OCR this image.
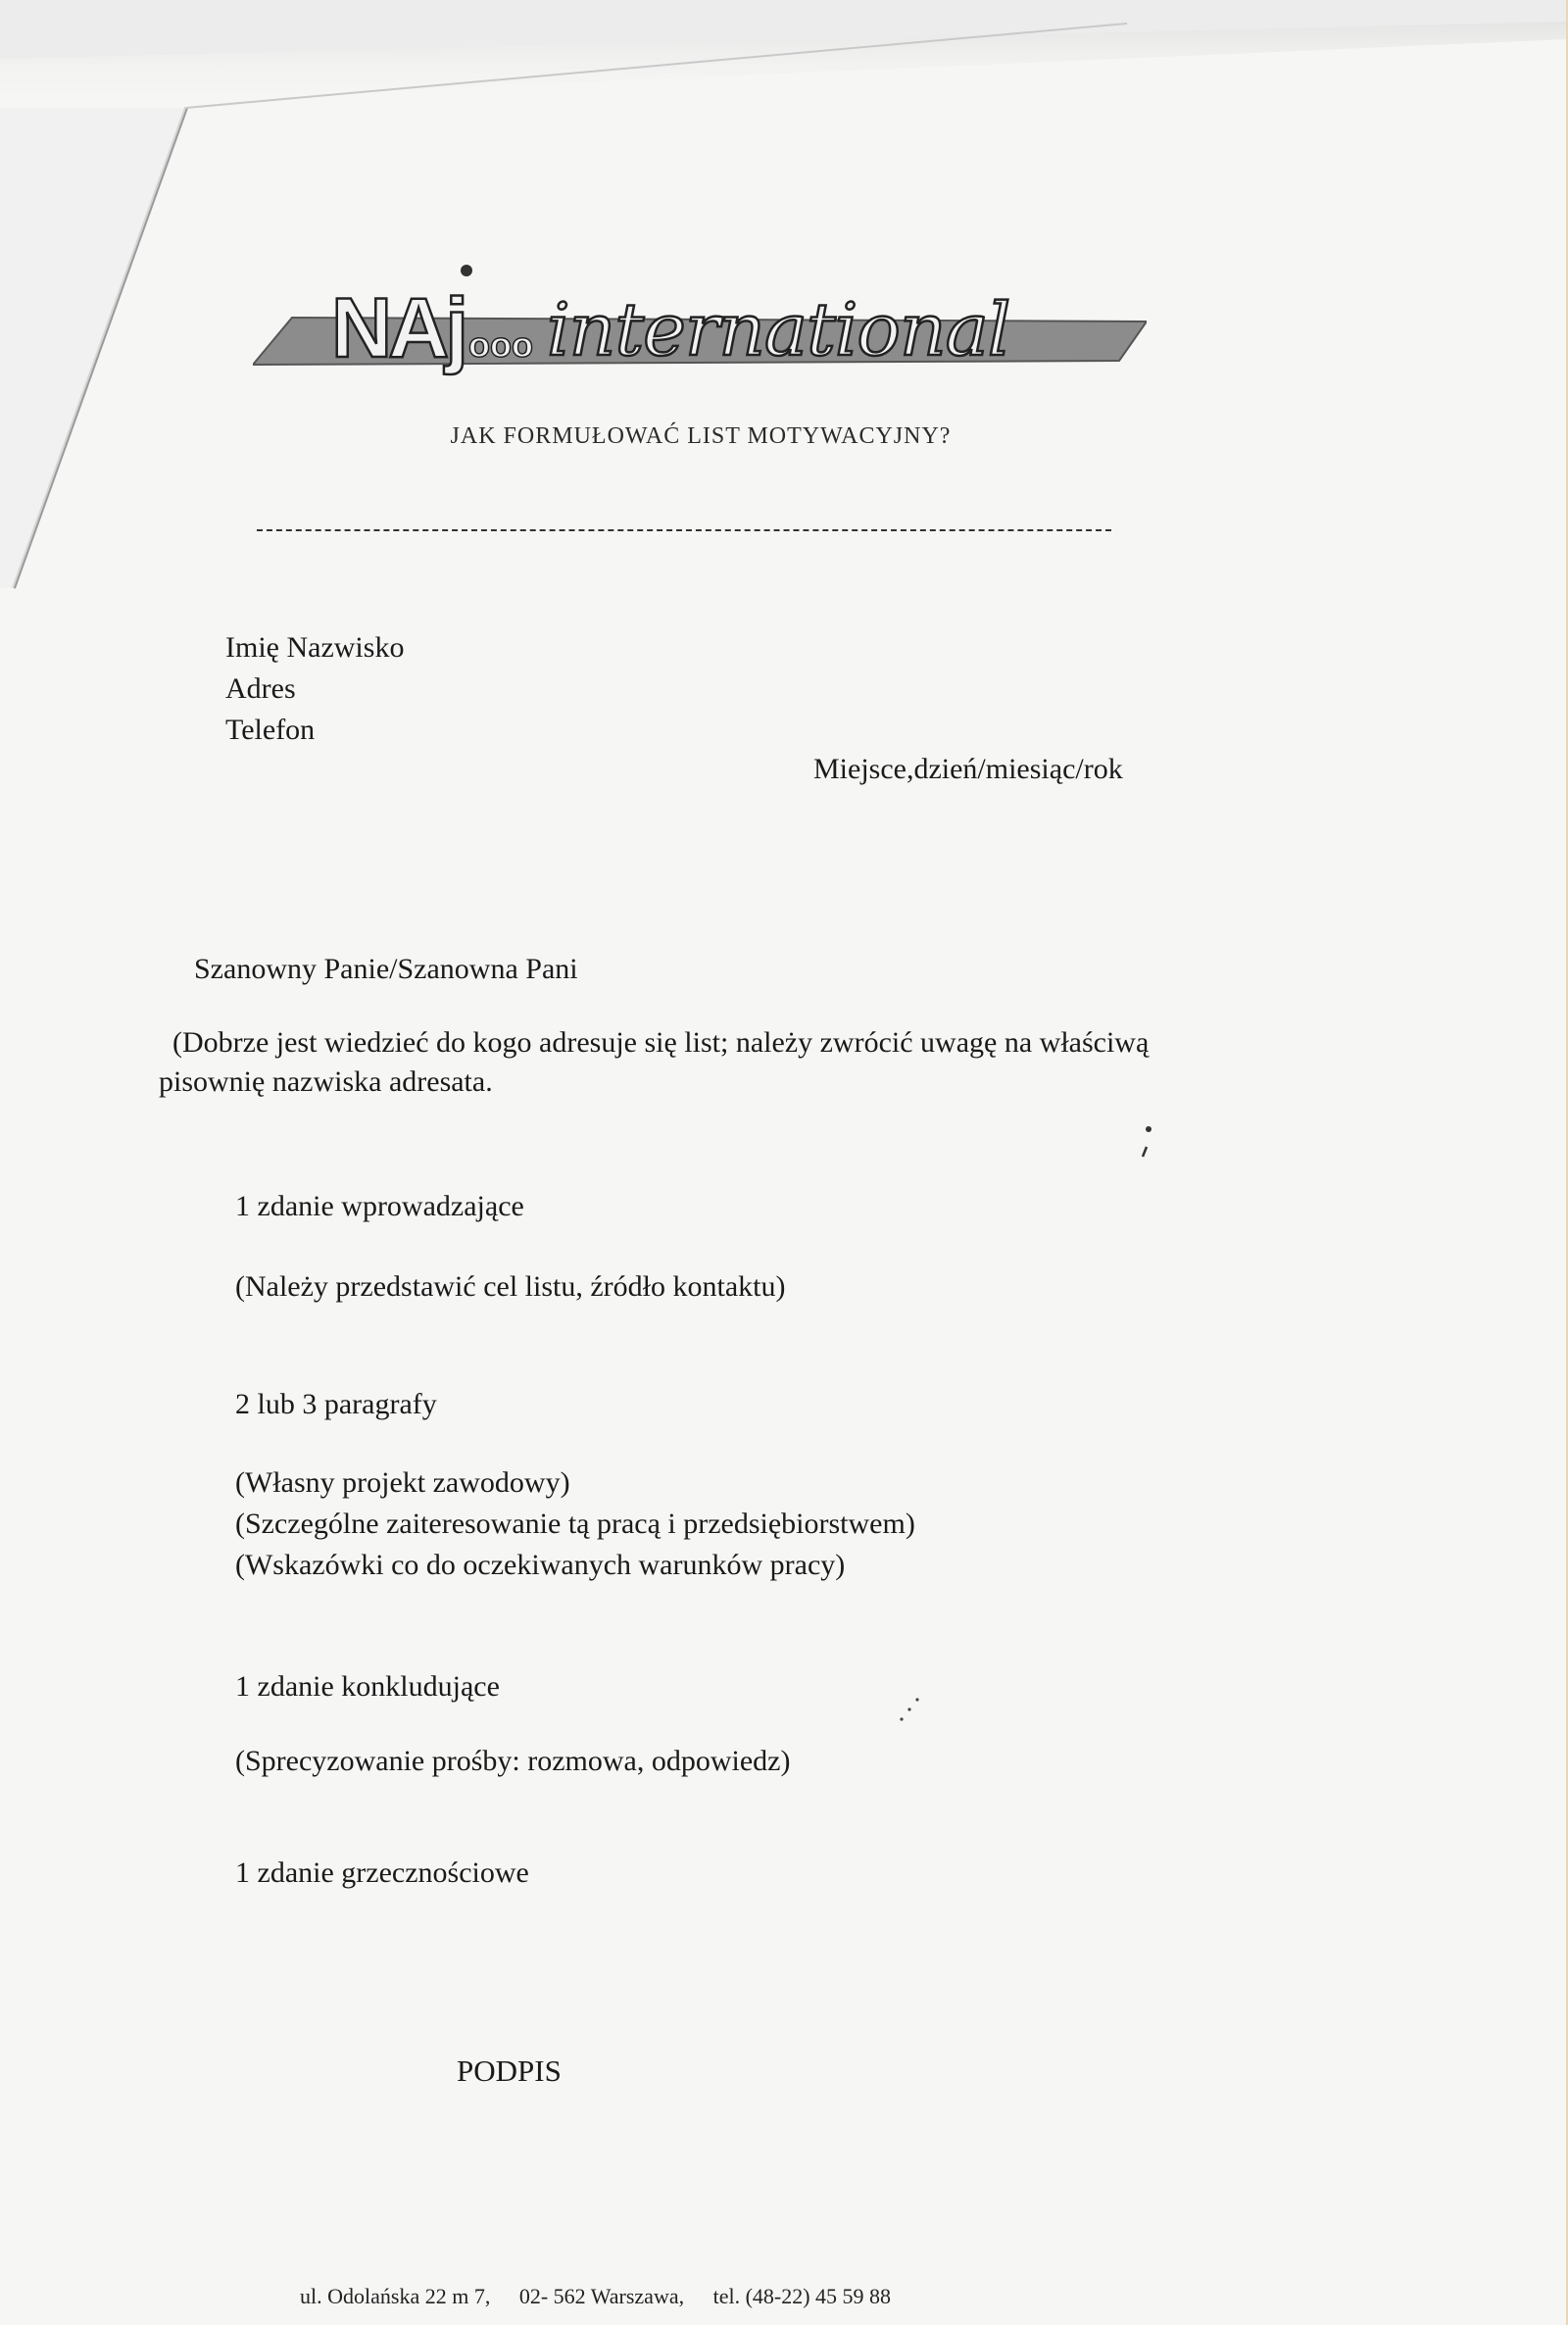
NAj ooo international
JAK FORMUŁOWAĆ LIST MOTYWACYJNY?
Imię Nazwisko
Adres
Telefon
Miejsce,dzień/miesiąc/rok
Szanowny Panie/Szanowna Pani
(Dobrze jest wiedzieć do kogo adresuje się list; należy zwrócić uwagę na właściwą
pisownię nazwiska adresata.
1 zdanie wprowadzające
(Należy przedstawić cel listu, źródło kontaktu)
2 lub 3 paragrafy
(Własny projekt zawodowy)
(Szczególne zaiteresowanie tą pracą i przedsiębiorstwem)
(Wskazówki co do oczekiwanych warunków pracy)
1 zdanie konkludujące
(Sprecyzowanie prośby: rozmowa, odpowiedz)
1 zdanie grzecznościowe
PODPIS
ul. Odolańska 22 m 7, 02- 562 Warszawa, tel. (48-22) 45 59 88
